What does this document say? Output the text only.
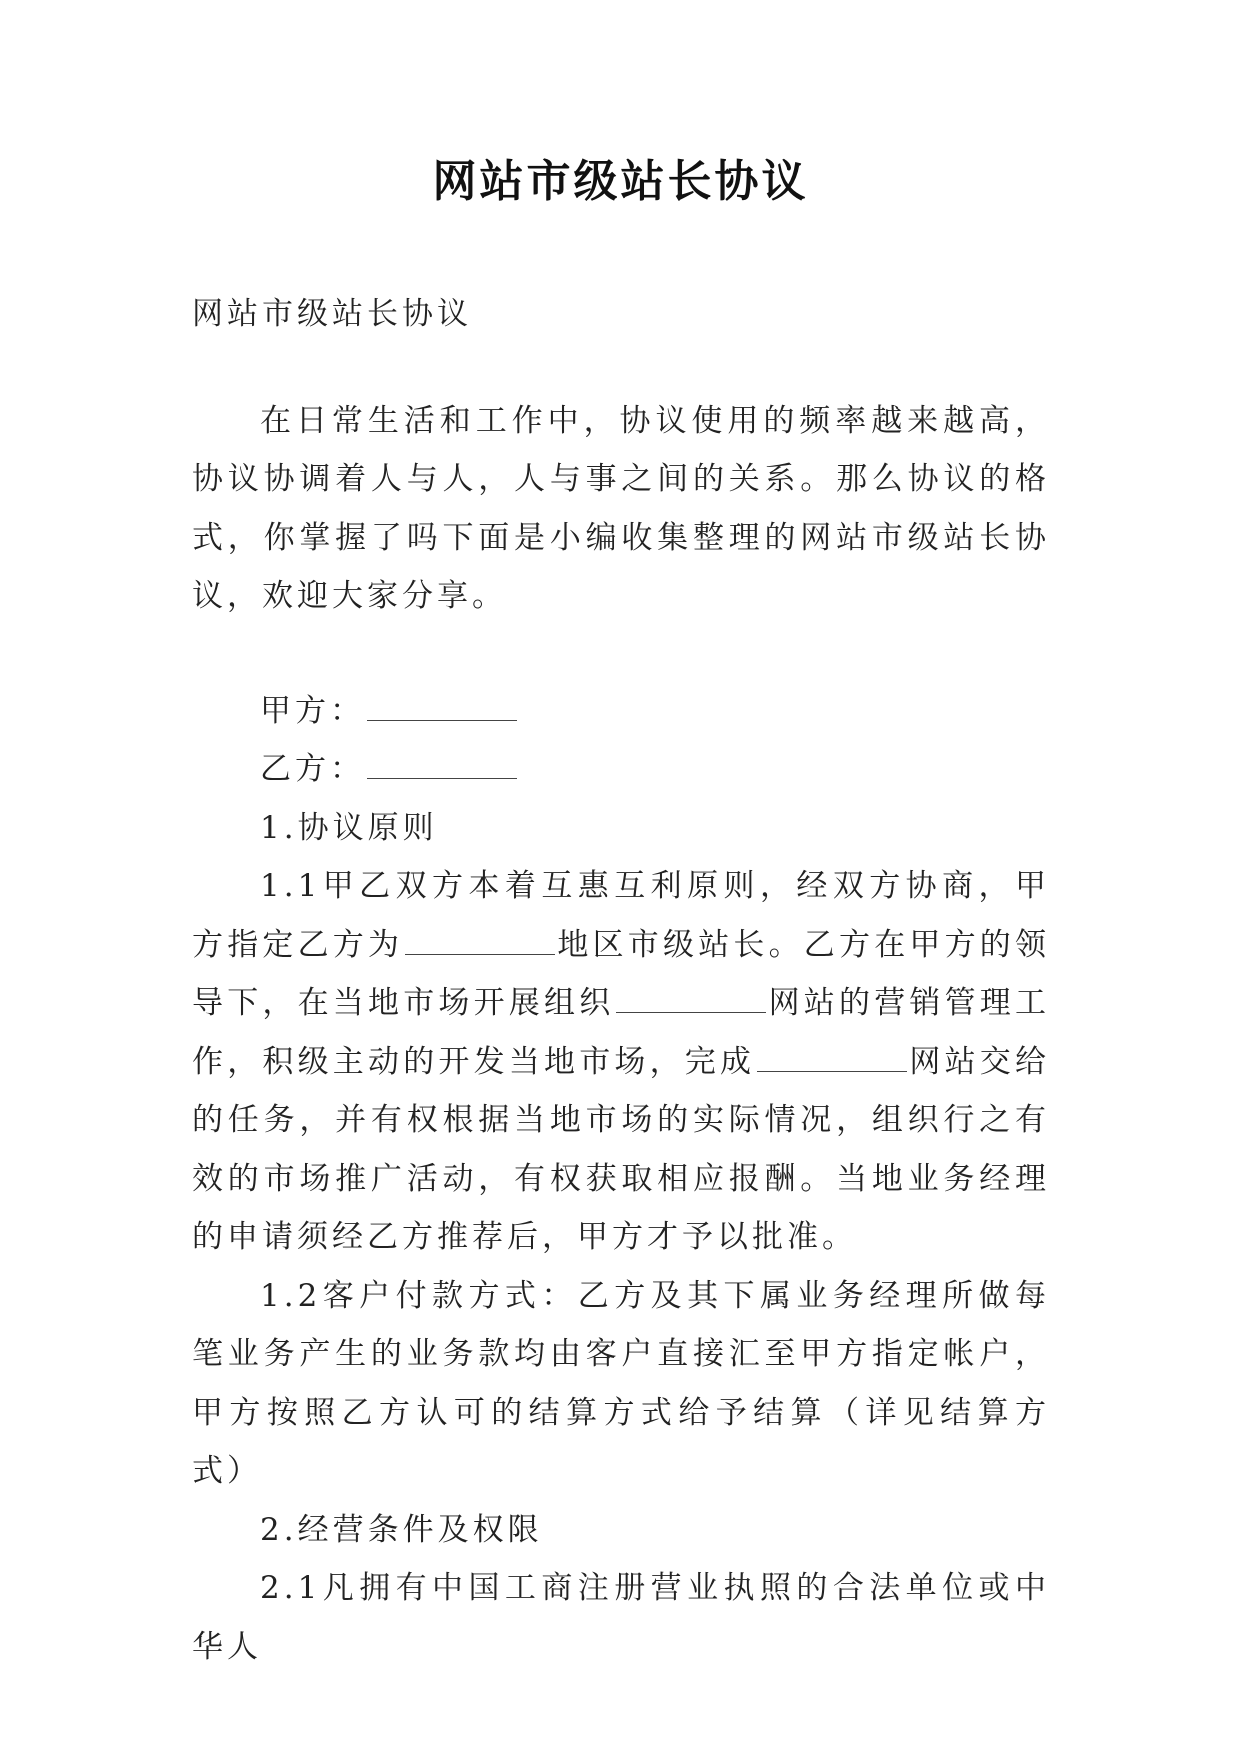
网站市级站长协议

网站市级站长协议

在日常生活和工作中，协议使用的频率越来越高，协议协调着人与人，人与事之间的关系。那么协议的格式，你掌握了吗下面是小编收集整理的网站市级站长协议，欢迎大家分享。

甲方：

乙方：

1.协议原则

1.1甲乙双方本着互惠互利原则，经双方协商，甲方指定乙方为	地区市级站长。乙方在甲方的领导下，在当地市场开展组织	网站的营销管理工作，积级主动的开发当地市场，完成	网站交给的任务，并有权根据当地市场的实际情况，组织行之有效的市场推广活动，有权获取相应报酬。当地业务经理的申请须经乙方推荐后，甲方才予以批准。

1.2客户付款方式：乙方及其下属业务经理所做每笔业务产生的业务款均由客户直接汇至甲方指定帐户，甲方按照乙方认可的结算方式给予结算（详见结算方式）

2.经营条件及权限

2.1凡拥有中国工商注册营业执照的合法单位或中华人
